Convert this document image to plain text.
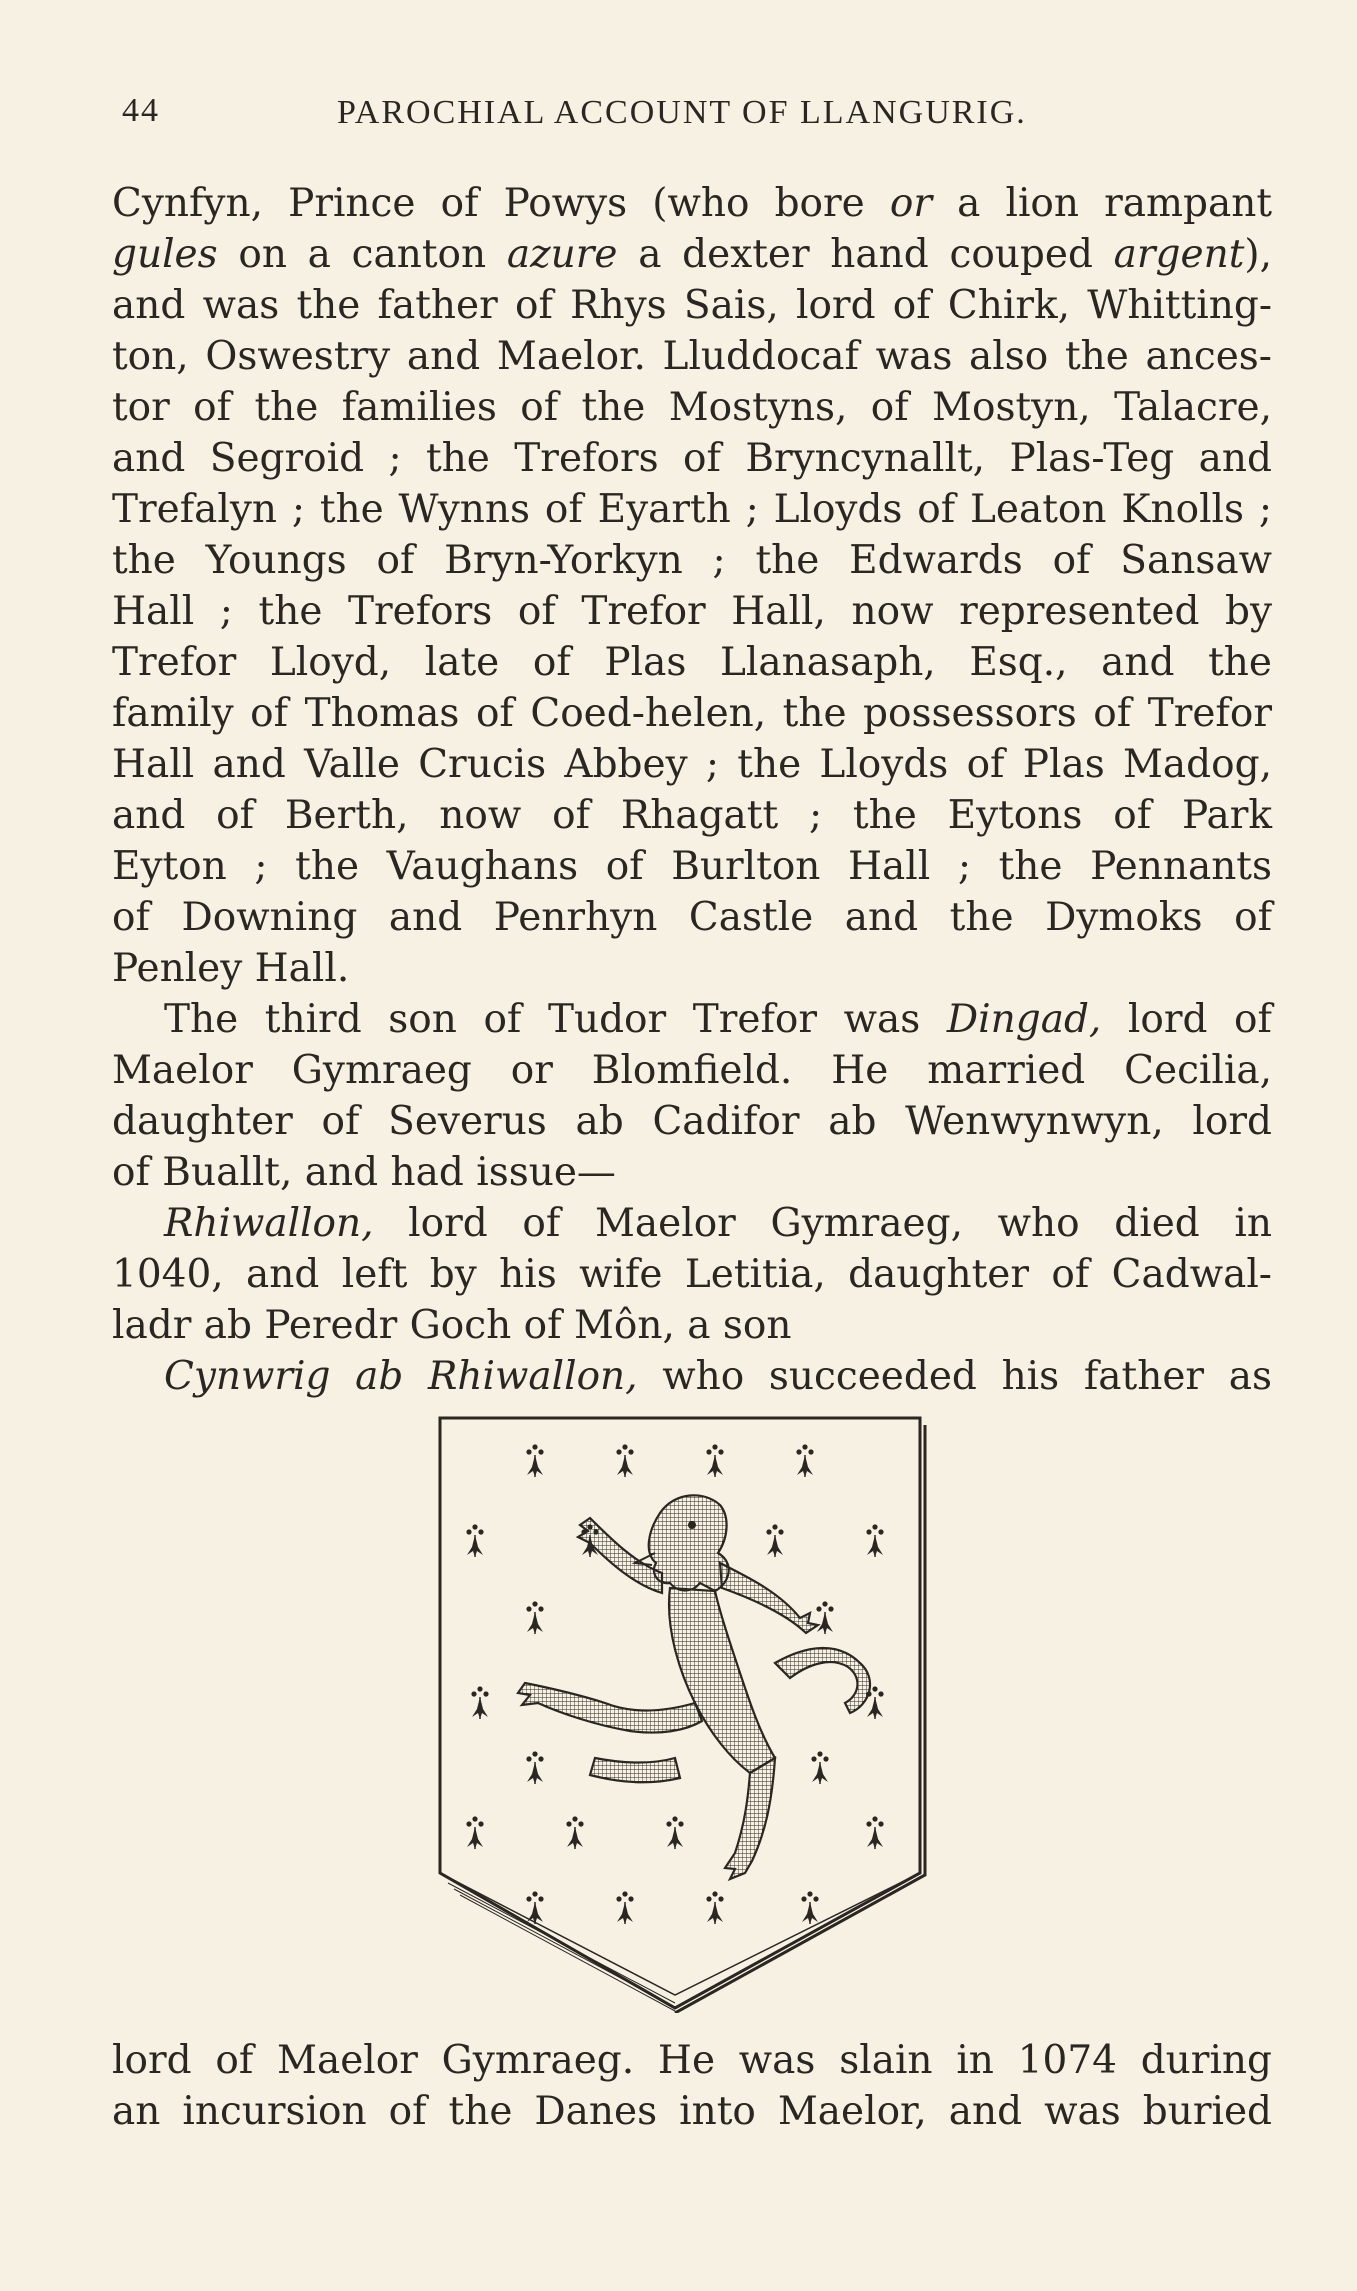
44	PAROCHIAL ACCOUNT OF LLANGURIG.
Cynfyn, Prince of Powys (who bore or a lion rampant
gules on a canton azure a dexter hand couped argent),
and was the father of Rhys Sais, lord of Chirk, Whitting-
ton, Oswestry and Maelor. Lluddocaf was also the ances-
tor of the families of the Mostyns, of Mostyn, Talacre,
and Segroid ; the Trefors of Bryncynallt, Plas-Teg and
Trefalyn ; the Wynns of Eyarth ; Lloyds of Leaton Knolls ;
the Youngs of Bryn-Yorkyn ; the Edwards of Sansaw
Hall ; the Trefors of Trefor Hall, now represented by
Trefor Lloyd, late of Plas Llanasaph, Esq., and the
family of Thomas of Coed-helen, the possessors of Trefor
Hall and Valle Crucis Abbey ; the Lloyds of Plas Madog,
and of Berth, now of Rhagatt ; the Eytons of Park
Eyton ; the Vaughans of Burlton Hall ; the Pennants
of Downing and Penrhyn Castle and the Dymoks of
Penley Hall.
The third son of Tudor Trefor was Dingad, lord of
Maelor Gymraeg or Blomfield. He married Cecilia,
daughter of Severus ab Cadifor ab Wenwynwyn, lord
of Buallt, and had issue—
Rhiwallon, lord of Maelor Gymraeg, who died in
1040, and left by his wife Letitia, daughter of Cadwal-
ladr ab Peredr Goch of Môn, a son
Cynwrig ab Rhiwallon, who succeeded his father as
lord of Maelor Gymraeg. He was slain in 1074 during
an incursion of the Danes into Maelor, and was buried
